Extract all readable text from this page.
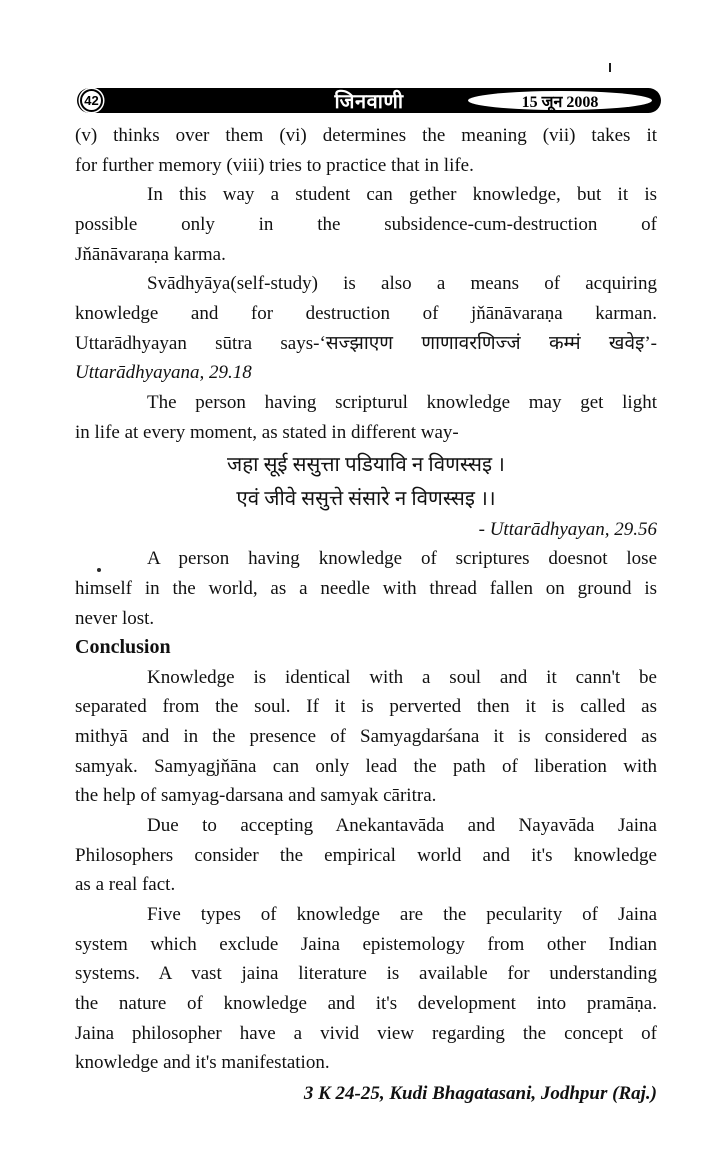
42	जिनवाणी	15 जून 2008
(v) thinks over them (vi) determines the meaning (vii) takes it
for further memory (viii) tries to practice that in life.
In this way a student can gether knowledge, but it is
possible only in the subsidence-cum-destruction of
Jňānāvaraṇa karma.
Svādhyāya(self-study) is also a means of acquiring
knowledge and for destruction of jňānāvaraṇa karman.
Uttarādhyayan sūtra says-‘सज्झाएण णाणावरणिज्जं कम्मं खवेइ’-
Uttarādhyayana, 29.18
The person having scripturul knowledge may get light
in life at every moment, as stated in different way-
जहा सूई ससुत्ता पडियावि न विणस्सइ ।
एवं जीवे ससुत्ते संसारे न विणस्सइ ।।
- Uttarādhyayan, 29.56
A person having knowledge of scriptures doesnot lose
himself in the world, as a needle with thread fallen on ground is
never lost.
Conclusion
Knowledge is identical with a soul and it cann't be
separated from the soul. If it is perverted then it is called as
mithyā and in the presence of Samyagdarśana it is considered as
samyak. Samyagjňāna can only lead the path of liberation with
the help of samyag-darsana and samyak cāritra.
Due to accepting Anekantavāda and Nayavāda Jaina
Philosophers consider the empirical world and it's knowledge
as a real fact.
Five types of knowledge are the pecularity of Jaina
system which exclude Jaina epistemology from other Indian
systems. A vast jaina literature is available for understanding
the nature of knowledge and it's development into pramāṇa.
Jaina philosopher have a vivid view regarding the concept of
knowledge and it's manifestation.
3 K 24-25, Kudi Bhagatasani, Jodhpur (Raj.)
